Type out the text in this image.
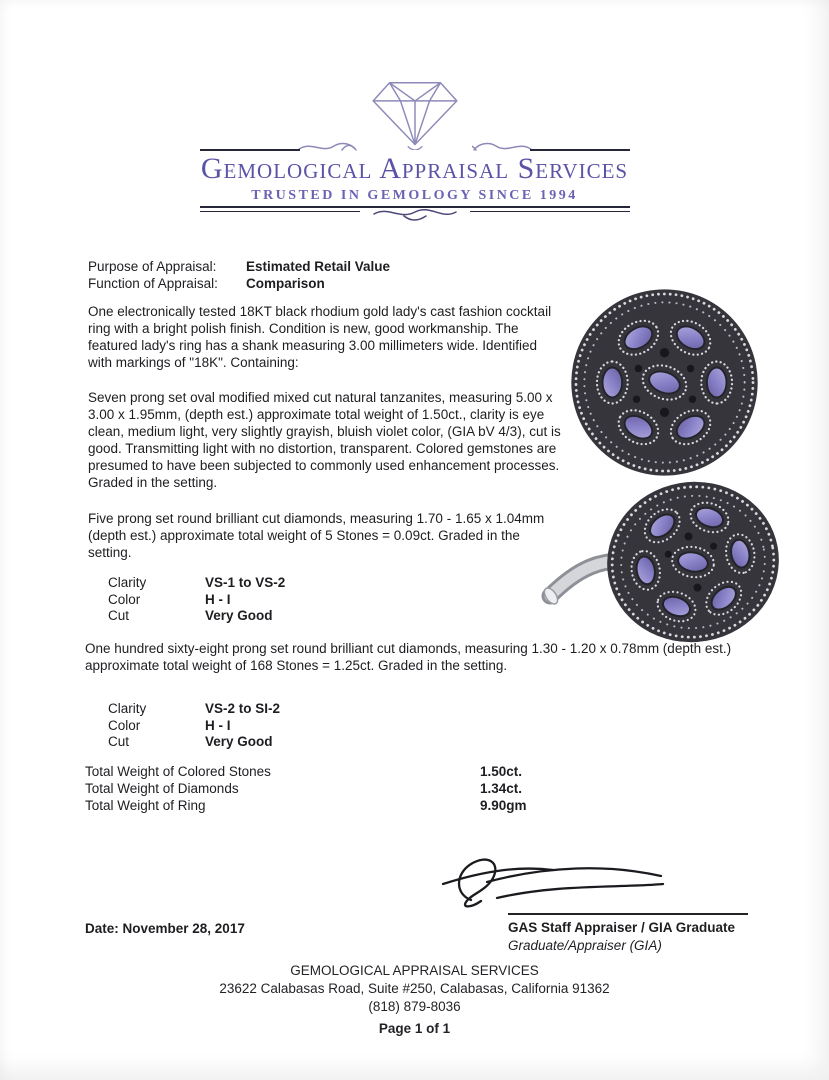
Gemological Appraisal Services
TRUSTED IN GEMOLOGY SINCE 1994
Purpose of Appraisal:	Estimated Retail Value
Function of Appraisal:	Comparison
One electronically tested 18KT black rhodium gold lady's cast fashion cocktail ring with a bright polish finish. Condition is new, good workmanship. The featured lady's ring has a shank measuring 3.00 millimeters wide. Identified with markings of "18K". Containing:
Seven prong set oval modified mixed cut natural tanzanites, measuring 5.00 x 3.00 x 1.95mm, (depth est.) approximate total weight of 1.50ct., clarity is eye clean, medium light, very slightly grayish, bluish violet color, (GIA bV 4/3), cut is good. Transmitting light with no distortion, transparent. Colored gemstones are presumed to have been subjected to commonly used enhancement processes. Graded in the setting.
Five prong set round brilliant cut diamonds, measuring 1.70 - 1.65 x 1.04mm (depth est.) approximate total weight of 5 Stones = 0.09ct. Graded in the setting.
Clarity	VS-1 to VS-2
Color	H - I
Cut	Very Good
One hundred sixty-eight prong set round brilliant cut diamonds, measuring 1.30 - 1.20 x 0.78mm (depth est.) approximate total weight of 168 Stones = 1.25ct. Graded in the setting.
Clarity	VS-2 to SI-2
Color	H - I
Cut	Very Good
Total Weight of Colored Stones	1.50ct.
Total Weight of Diamonds	1.34ct.
Total Weight of Ring	9.90gm
Date: November 28, 2017	GAS Staff Appraiser / GIA Graduate
Graduate/Appraiser (GIA)
GEMOLOGICAL APPRAISAL SERVICES
23622 Calabasas Road, Suite #250, Calabasas, California 91362
(818) 879-8036
Page 1 of 1
